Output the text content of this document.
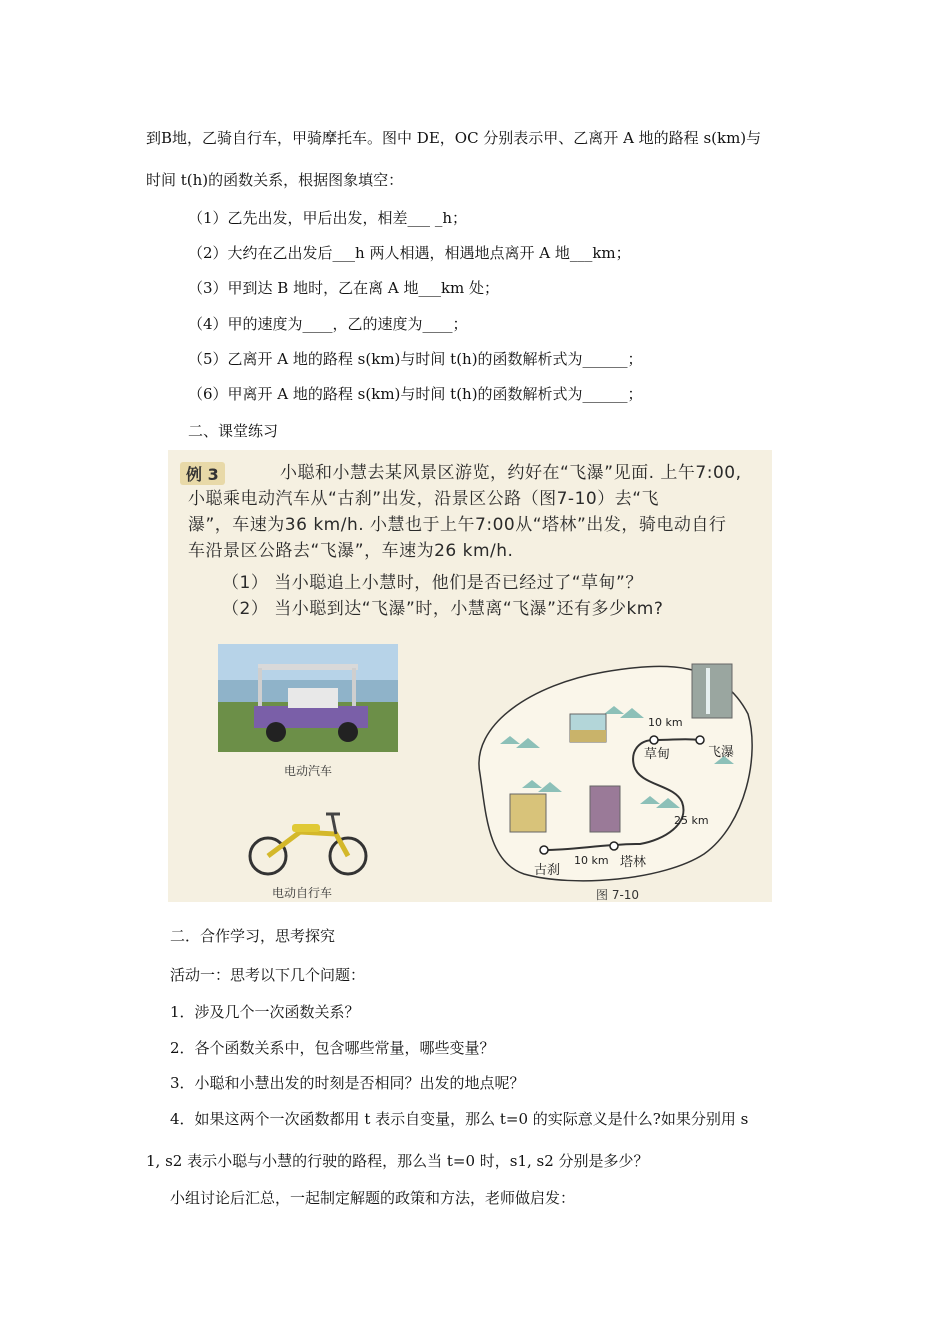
到B地，乙骑自行车，甲骑摩托车。图中 DE，OC 分别表示甲、乙离开 A 地的路程 s(km)与
时间 t(h)的函数关系，根据图象填空：
（1）乙先出发，甲后出发，相差___ _h；
（2）大约在乙出发后___h 两人相遇，相遇地点离开 A 地___km；
（3）甲到达 B 地时，乙在离 A 地___km 处；
（4）甲的速度为____，乙的速度为____；
（5）乙离开 A 地的路程 s(km)与时间 t(h)的函数解析式为______；
（6）甲离开 A 地的路程 s(km)与时间 t(h)的函数解析式为______；
二、课堂练习
例 3	小聪和小慧去某风景区游览，约好在“飞瀑”见面. 上午7:00,
小聪乘电动汽车从“古刹”出发，沿景区公路（图7-10）去“飞
瀑”，车速为36 km/h. 小慧也于上午7:00从“塔林”出发，骑电动自行
车沿景区公路去“飞瀑”，车速为26 km/h.
（1） 当小聪追上小慧时，他们是否已经过了“草甸”？
（2） 当小聪到达“飞瀑”时，小慧离“飞瀑”还有多少km?
电动汽车
电动自行车
古刹
塔林
草甸	飞瀑
10 km
25 km
10 km
图 7-10
二．合作学习，思考探究
活动一：思考以下几个问题：
1．涉及几个一次函数关系？
2．各个函数关系中，包含哪些常量，哪些变量？
3．小聪和小慧出发的时刻是否相同？出发的地点呢？
4．如果这两个一次函数都用 t 表示自变量，那么 t=0 的实际意义是什么?如果分别用 s
1, s2 表示小聪与小慧的行驶的路程，那么当 t=0 时，s1, s2 分别是多少？
小组讨论后汇总，一起制定解题的政策和方法，老师做启发：
